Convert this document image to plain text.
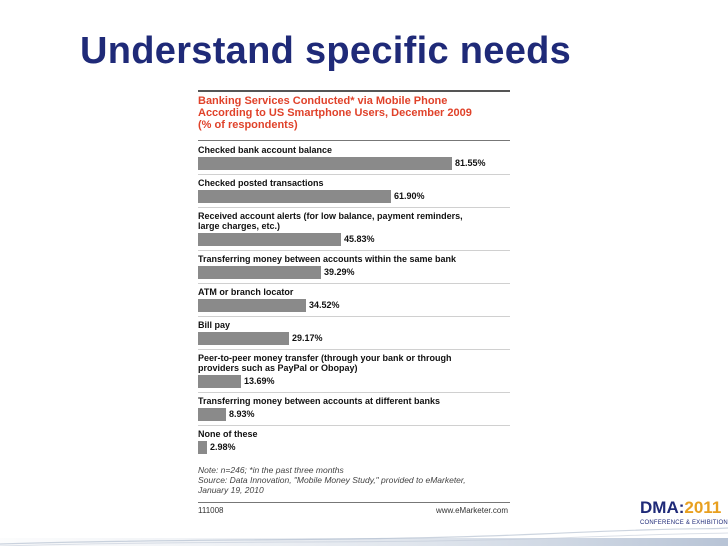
Understand specific needs
Banking Services Conducted* via Mobile Phone
According to US Smartphone Users, December 2009
(% of respondents)
Checked bank account balance
81.55%
Checked posted transactions
61.90%
Received account alerts (for low balance, payment reminders,
large charges, etc.)
45.83%
Transferring money between accounts within the same bank
39.29%
ATM or branch locator
34.52%
Bill pay
29.17%
Peer-to-peer money transfer (through your bank or through
providers such as PayPal or Obopay)
13.69%
Transferring money between accounts at different banks
8.93%
None of these
2.98%
Note: n=246; *in the past three months
Source: Data Innovation, "Mobile Money Study," provided to eMarketer,
January 19, 2010
111008	www.eMarketer.com	DMA:2011
CONFERENCE & EXHIBITION
